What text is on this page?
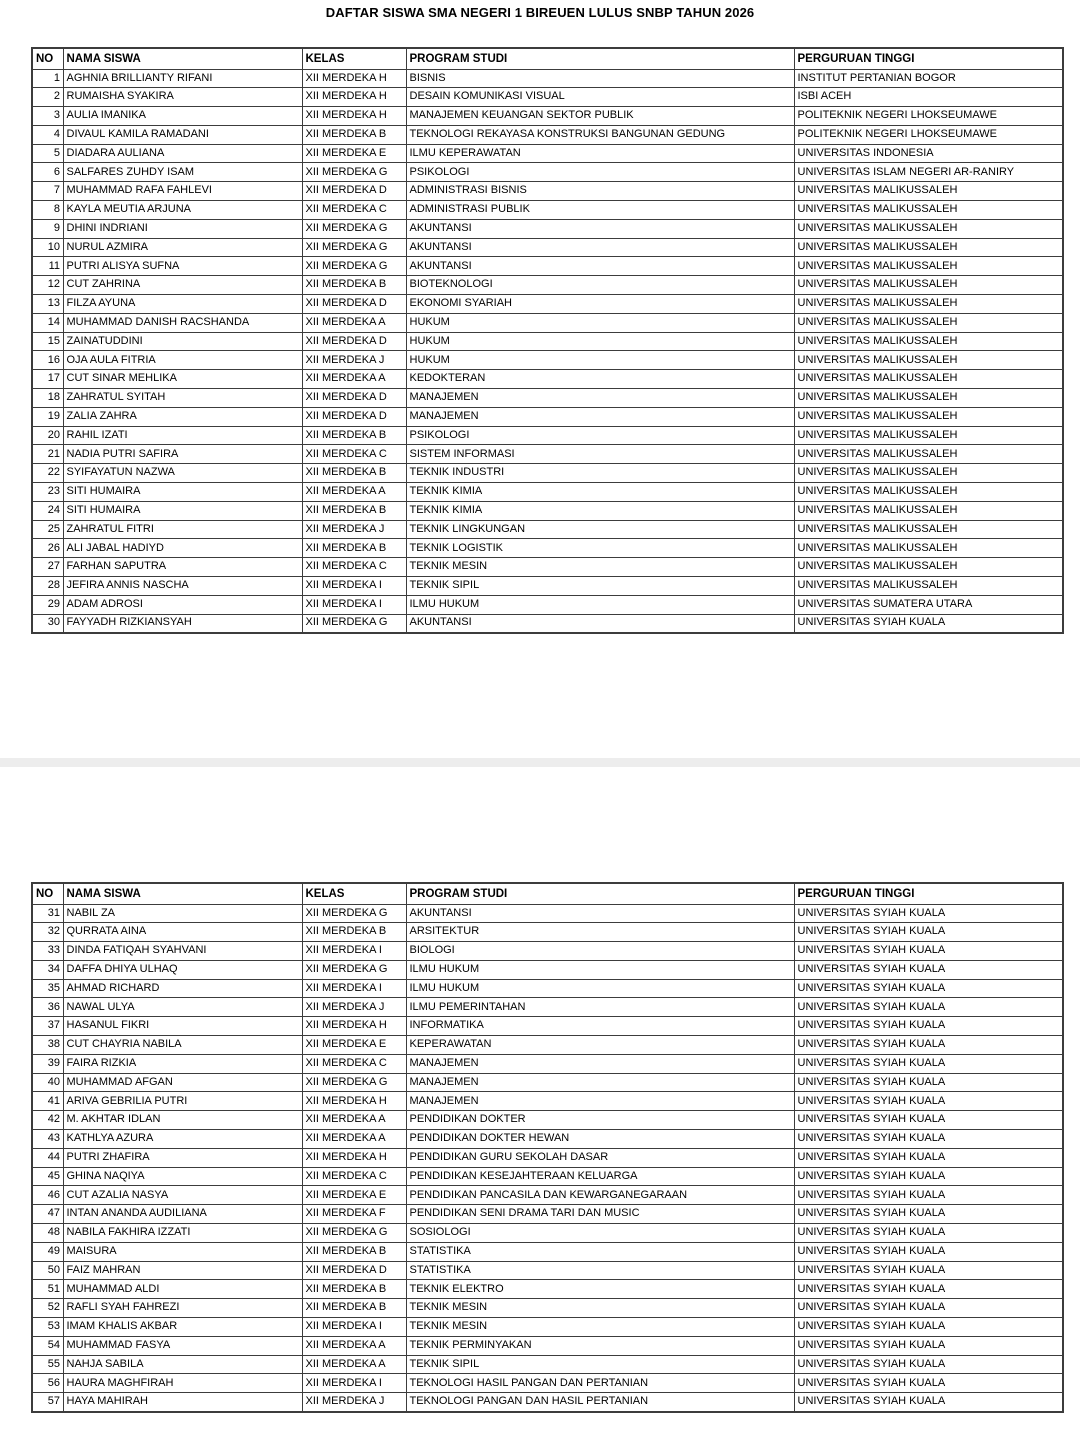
DAFTAR SISWA SMA NEGERI 1 BIREUEN LULUS SNBP TAHUN 2026
NO	NAMA SISWA	KELAS	PROGRAM STUDI	PERGURUAN TINGGI
1	AGHNIA BRILLIANTY RIFANI	XII MERDEKA H	BISNIS	INSTITUT PERTANIAN BOGOR
2	RUMAISHA SYAKIRA	XII MERDEKA H	DESAIN KOMUNIKASI VISUAL	ISBI ACEH
3	AULIA IMANIKA	XII MERDEKA H	MANAJEMEN KEUANGAN SEKTOR PUBLIK	POLITEKNIK NEGERI LHOKSEUMAWE
4	DIVAUL KAMILA RAMADANI	XII MERDEKA B	TEKNOLOGI REKAYASA KONSTRUKSI BANGUNAN GEDUNG	POLITEKNIK NEGERI LHOKSEUMAWE
5	DIADARA AULIANA	XII MERDEKA E	ILMU KEPERAWATAN	UNIVERSITAS INDONESIA
6	SALFARES ZUHDY ISAM	XII MERDEKA G	PSIKOLOGI	UNIVERSITAS ISLAM NEGERI AR-RANIRY
7	MUHAMMAD RAFA FAHLEVI	XII MERDEKA D	ADMINISTRASI BISNIS	UNIVERSITAS MALIKUSSALEH
8	KAYLA MEUTIA ARJUNA	XII MERDEKA C	ADMINISTRASI PUBLIK	UNIVERSITAS MALIKUSSALEH
9	DHINI INDRIANI	XII MERDEKA G	AKUNTANSI	UNIVERSITAS MALIKUSSALEH
10	NURUL AZMIRA	XII MERDEKA G	AKUNTANSI	UNIVERSITAS MALIKUSSALEH
11	PUTRI ALISYA SUFNA	XII MERDEKA G	AKUNTANSI	UNIVERSITAS MALIKUSSALEH
12	CUT ZAHRINA	XII MERDEKA B	BIOTEKNOLOGI	UNIVERSITAS MALIKUSSALEH
13	FILZA AYUNA	XII MERDEKA D	EKONOMI SYARIAH	UNIVERSITAS MALIKUSSALEH
14	MUHAMMAD DANISH RACSHANDA	XII MERDEKA A	HUKUM	UNIVERSITAS MALIKUSSALEH
15	ZAINATUDDINI	XII MERDEKA D	HUKUM	UNIVERSITAS MALIKUSSALEH
16	OJA AULA FITRIA	XII MERDEKA J	HUKUM	UNIVERSITAS MALIKUSSALEH
17	CUT SINAR MEHLIKA	XII MERDEKA A	KEDOKTERAN	UNIVERSITAS MALIKUSSALEH
18	ZAHRATUL SYITAH	XII MERDEKA D	MANAJEMEN	UNIVERSITAS MALIKUSSALEH
19	ZALIA ZAHRA	XII MERDEKA D	MANAJEMEN	UNIVERSITAS MALIKUSSALEH
20	RAHIL IZATI	XII MERDEKA B	PSIKOLOGI	UNIVERSITAS MALIKUSSALEH
21	NADIA PUTRI SAFIRA	XII MERDEKA C	SISTEM INFORMASI	UNIVERSITAS MALIKUSSALEH
22	SYIFAYATUN NAZWA	XII MERDEKA B	TEKNIK INDUSTRI	UNIVERSITAS MALIKUSSALEH
23	SITI HUMAIRA	XII MERDEKA A	TEKNIK KIMIA	UNIVERSITAS MALIKUSSALEH
24	SITI HUMAIRA	XII MERDEKA B	TEKNIK KIMIA	UNIVERSITAS MALIKUSSALEH
25	ZAHRATUL FITRI	XII MERDEKA J	TEKNIK LINGKUNGAN	UNIVERSITAS MALIKUSSALEH
26	ALI JABAL HADIYD	XII MERDEKA B	TEKNIK LOGISTIK	UNIVERSITAS MALIKUSSALEH
27	FARHAN SAPUTRA	XII MERDEKA C	TEKNIK MESIN	UNIVERSITAS MALIKUSSALEH
28	JEFIRA ANNIS NASCHA	XII MERDEKA I	TEKNIK SIPIL	UNIVERSITAS MALIKUSSALEH
29	ADAM ADROSI	XII MERDEKA I	ILMU HUKUM	UNIVERSITAS SUMATERA UTARA
30	FAYYADH RIZKIANSYAH	XII MERDEKA G	AKUNTANSI	UNIVERSITAS SYIAH KUALA
NO	NAMA SISWA	KELAS	PROGRAM STUDI	PERGURUAN TINGGI
31	NABIL ZA	XII MERDEKA G	AKUNTANSI	UNIVERSITAS SYIAH KUALA
32	QURRATA AINA	XII MERDEKA B	ARSITEKTUR	UNIVERSITAS SYIAH KUALA
33	DINDA FATIQAH SYAHVANI	XII MERDEKA I	BIOLOGI	UNIVERSITAS SYIAH KUALA
34	DAFFA DHIYA ULHAQ	XII MERDEKA G	ILMU HUKUM	UNIVERSITAS SYIAH KUALA
35	AHMAD RICHARD	XII MERDEKA I	ILMU HUKUM	UNIVERSITAS SYIAH KUALA
36	NAWAL ULYA	XII MERDEKA J	ILMU PEMERINTAHAN	UNIVERSITAS SYIAH KUALA
37	HASANUL FIKRI	XII MERDEKA H	INFORMATIKA	UNIVERSITAS SYIAH KUALA
38	CUT CHAYRIA NABILA	XII MERDEKA E	KEPERAWATAN	UNIVERSITAS SYIAH KUALA
39	FAIRA RIZKIA	XII MERDEKA C	MANAJEMEN	UNIVERSITAS SYIAH KUALA
40	MUHAMMAD AFGAN	XII MERDEKA G	MANAJEMEN	UNIVERSITAS SYIAH KUALA
41	ARIVA GEBRILIA PUTRI	XII MERDEKA H	MANAJEMEN	UNIVERSITAS SYIAH KUALA
42	M. AKHTAR IDLAN	XII MERDEKA A	PENDIDIKAN DOKTER	UNIVERSITAS SYIAH KUALA
43	KATHLYA AZURA	XII MERDEKA A	PENDIDIKAN DOKTER HEWAN	UNIVERSITAS SYIAH KUALA
44	PUTRI ZHAFIRA	XII MERDEKA H	PENDIDIKAN GURU SEKOLAH DASAR	UNIVERSITAS SYIAH KUALA
45	GHINA NAQIYA	XII MERDEKA C	PENDIDIKAN KESEJAHTERAAN KELUARGA	UNIVERSITAS SYIAH KUALA
46	CUT AZALIA NASYA	XII MERDEKA E	PENDIDIKAN PANCASILA DAN KEWARGANEGARAAN	UNIVERSITAS SYIAH KUALA
47	INTAN ANANDA AUDILIANA	XII MERDEKA F	PENDIDIKAN SENI DRAMA TARI DAN MUSIC	UNIVERSITAS SYIAH KUALA
48	NABILA FAKHIRA IZZATI	XII MERDEKA G	SOSIOLOGI	UNIVERSITAS SYIAH KUALA
49	MAISURA	XII MERDEKA B	STATISTIKA	UNIVERSITAS SYIAH KUALA
50	FAIZ MAHRAN	XII MERDEKA D	STATISTIKA	UNIVERSITAS SYIAH KUALA
51	MUHAMMAD ALDI	XII MERDEKA B	TEKNIK ELEKTRO	UNIVERSITAS SYIAH KUALA
52	RAFLI SYAH FAHREZI	XII MERDEKA B	TEKNIK MESIN	UNIVERSITAS SYIAH KUALA
53	IMAM KHALIS AKBAR	XII MERDEKA I	TEKNIK MESIN	UNIVERSITAS SYIAH KUALA
54	MUHAMMAD FASYA	XII MERDEKA A	TEKNIK PERMINYAKAN	UNIVERSITAS SYIAH KUALA
55	NAHJA SABILA	XII MERDEKA A	TEKNIK SIPIL	UNIVERSITAS SYIAH KUALA
56	HAURA MAGHFIRAH	XII MERDEKA I	TEKNOLOGI HASIL PANGAN DAN PERTANIAN	UNIVERSITAS SYIAH KUALA
57	HAYA MAHIRAH	XII MERDEKA J	TEKNOLOGI PANGAN DAN HASIL PERTANIAN	UNIVERSITAS SYIAH KUALA
